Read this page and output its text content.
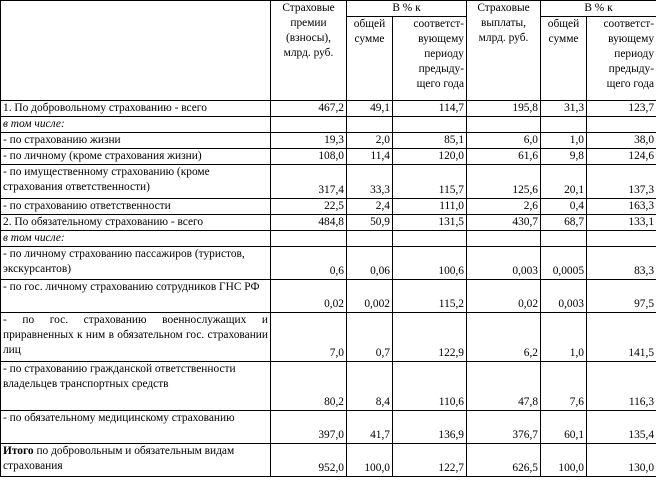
	Страховые премии (взносы), млрд. руб.	В % к		Страховые выплаты, млрд. руб.	В % к	
		общей сумме	соответст-вующему периоду предыду-щего года		общей сумме	соответст-вующему периоду предыду-щего года
1. По добровольному страхованию - всего	467,2	49,1	114,7	195,8	31,3	123,7
в том числе:						
- по страхованию жизни	19,3	2,0	85,1	6,0	1,0	38,0
- по личному (кроме страхования жизни)	108,0	11,4	120,0	61,6	9,8	124,6
- по имущественному страхованию (кроме страхования ответственности)	317,4	33,3	115,7	125,6	20,1	137,3
- по страхованию ответственности	22,5	2,4	111,0	2,6	0,4	163,3
2. По обязательному страхованию - всего	484,8	50,9	131,5	430,7	68,7	133,1
в том числе:						
- по личному страхованию пассажиров (туристов, экскурсантов)	0,6	0,06	100,6	0,003	0,0005	83,3
- по гос. личному страхованию сотрудников ГНС РФ	0,02	0,002	115,2	0,02	0,003	97,5
- по гос. страхованию военнослужащих и приравненных к ним в обязательном гос. страховании лиц	7,0	0,7	122,9	6,2	1,0	141,5
- по страхованию гражданской ответственности владельцев транспортных средств	80,2	8,4	110,6	47,8	7,6	116,3
- по обязательному медицинскому страхованию	397,0	41,7	136,9	376,7	60,1	135,4
Итого по добровольным и обязательным видам страхования	952,0	100,0	122,7	626,5	100,0	130,0
